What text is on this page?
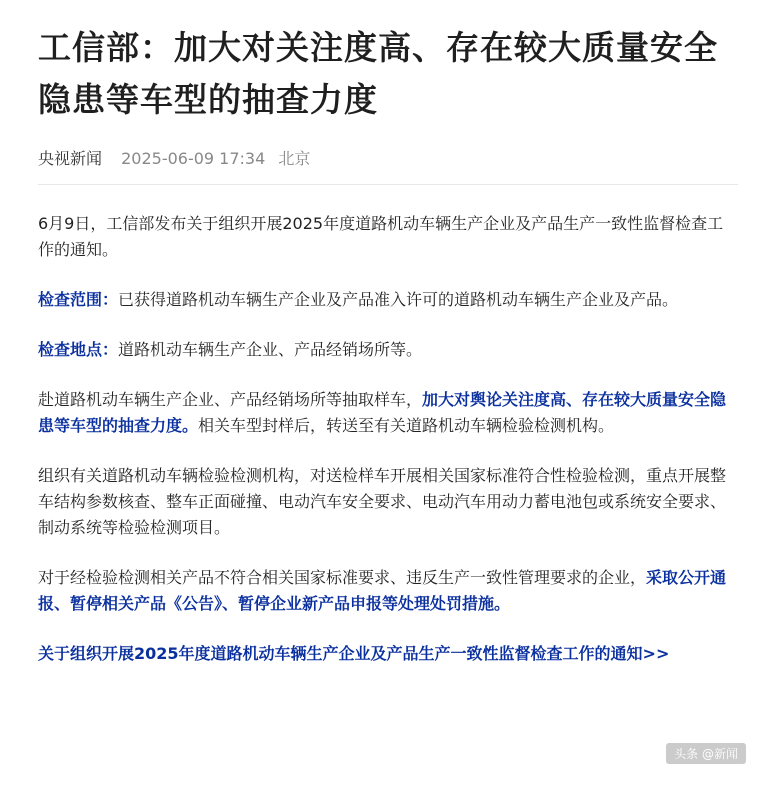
工信部：加大对关注度高、存在较大质量安全隐患等车型的抽查力度
央视新闻 2025-06-09 17:34 北京

6月9日，工信部发布关于组织开展2025年度道路机动车辆生产企业及产品生产一致性监督检查工作的通知。

检查范围：已获得道路机动车辆生产企业及产品准入许可的道路机动车辆生产企业及产品。

检查地点：道路机动车辆生产企业、产品经销场所等。

赴道路机动车辆生产企业、产品经销场所等抽取样车，加大对舆论关注度高、存在较大质量安全隐患等车型的抽查力度。相关车型封样后，转送至有关道路机动车辆检验检测机构。

组织有关道路机动车辆检验检测机构，对送检样车开展相关国家标准符合性检验检测，重点开展整车结构参数核查、整车正面碰撞、电动汽车安全要求、电动汽车用动力蓄电池包或系统安全要求、制动系统等检验检测项目。

对于经检验检测相关产品不符合相关国家标准要求、违反生产一致性管理要求的企业，采取公开通报、暂停相关产品《公告》、暂停企业新产品申报等处理处罚措施。

关于组织开展2025年度道路机动车辆生产企业及产品生产一致性监督检查工作的通知>>
头条 @新闻
